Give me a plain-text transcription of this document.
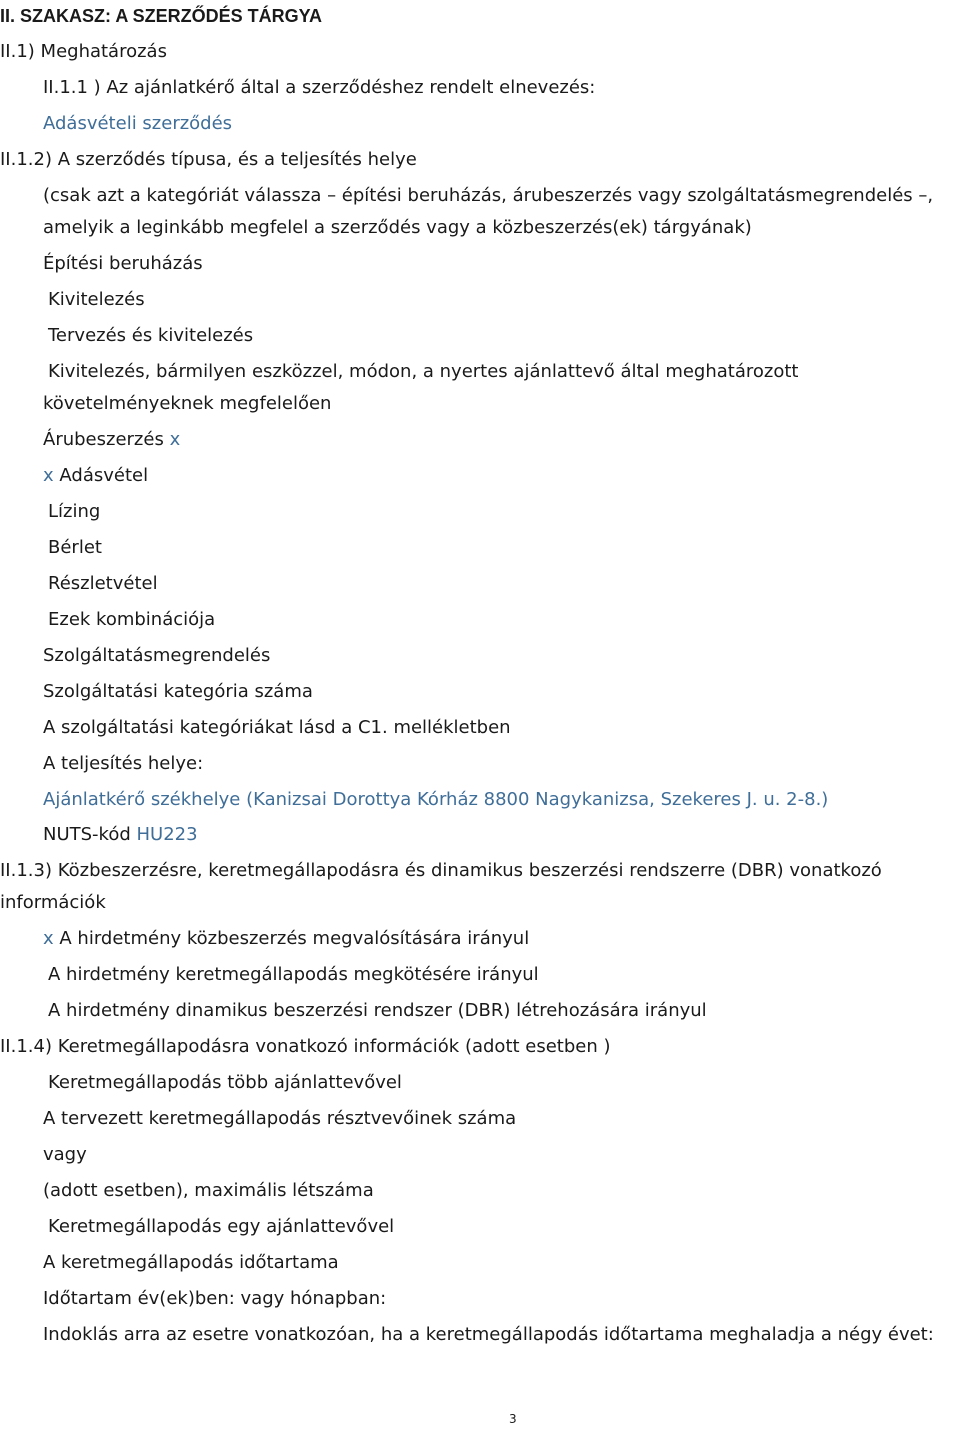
II. SZAKASZ: A SZERZŐDÉS TÁRGYA
II.1) Meghatározás
II.1.1 ) Az ajánlatkérő által a szerződéshez rendelt elnevezés:
Adásvételi szerződés
II.1.2) A szerződés típusa, és a teljesítés helye
(csak azt a kategóriát válassza – építési beruházás, árubeszerzés vagy szolgáltatásmegrendelés –,
amelyik a leginkább megfelel a szerződés vagy a közbeszerzés(ek) tárgyának)
Építési beruházás
Kivitelezés
Tervezés és kivitelezés
Kivitelezés, bármilyen eszközzel, módon, a nyertes ajánlattevő által meghatározott
követelményeknek megfelelően
Árubeszerzés x
x Adásvétel
Lízing
Bérlet
Részletvétel
Ezek kombinációja
Szolgáltatásmegrendelés
Szolgáltatási kategória száma
A szolgáltatási kategóriákat lásd a C1. mellékletben
A teljesítés helye:
Ajánlatkérő székhelye (Kanizsai Dorottya Kórház 8800 Nagykanizsa, Szekeres J. u. 2-8.)
NUTS-kód HU223
II.1.3) Közbeszerzésre, keretmegállapodásra és dinamikus beszerzési rendszerre (DBR) vonatkozó
információk
x A hirdetmény közbeszerzés megvalósítására irányul
A hirdetmény keretmegállapodás megkötésére irányul
A hirdetmény dinamikus beszerzési rendszer (DBR) létrehozására irányul
II.1.4) Keretmegállapodásra vonatkozó információk (adott esetben )
Keretmegállapodás több ajánlattevővel
A tervezett keretmegállapodás résztvevőinek száma
vagy
(adott esetben), maximális létszáma
Keretmegállapodás egy ajánlattevővel
A keretmegállapodás időtartama
Időtartam év(ek)ben: vagy hónapban:
Indoklás arra az esetre vonatkozóan, ha a keretmegállapodás időtartama meghaladja a négy évet:
3
